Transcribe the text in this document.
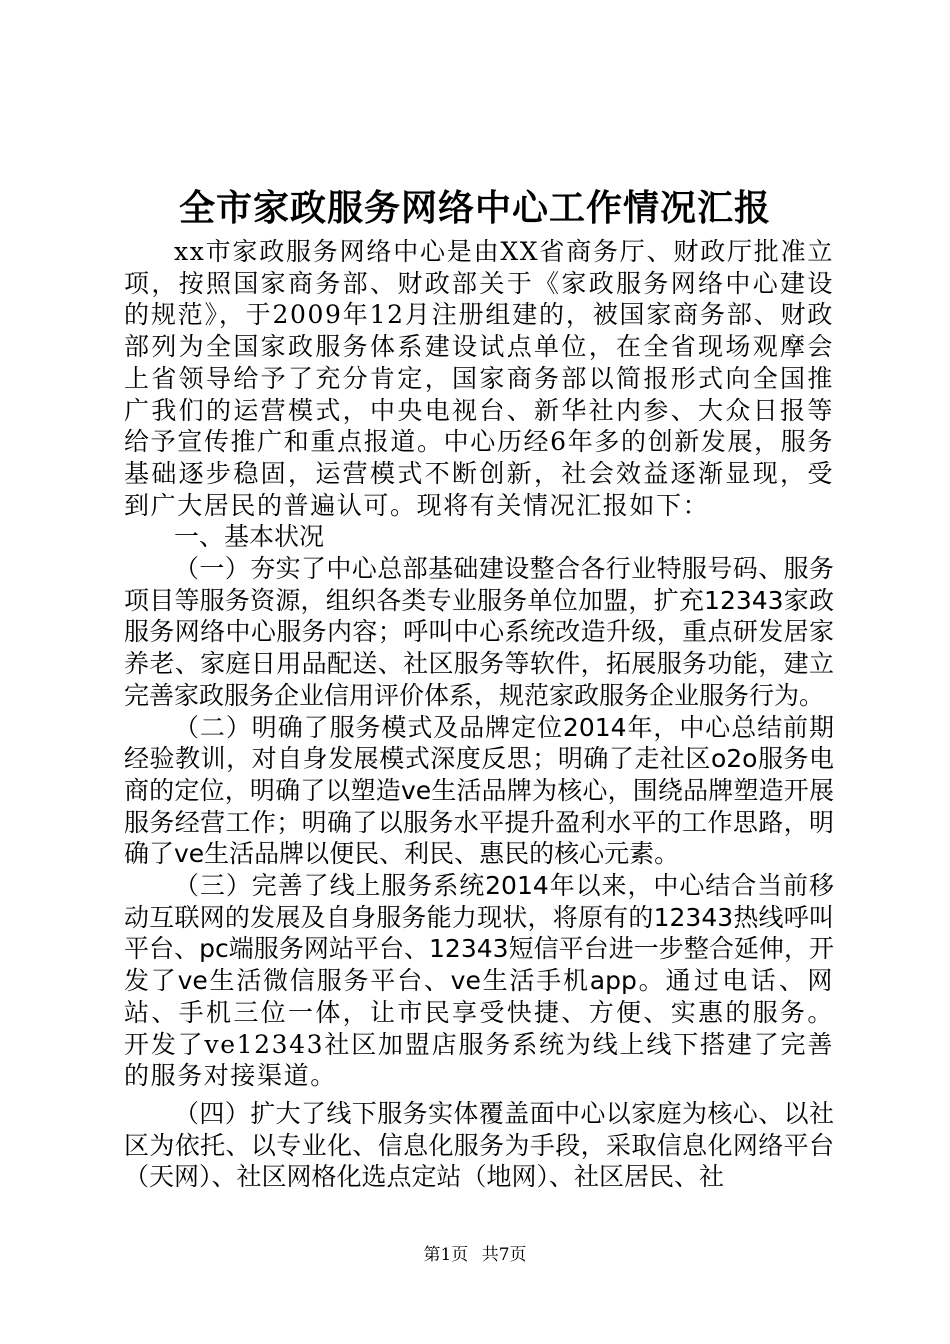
全市家政服务网络中心工作情况汇报

xx市家政服务网络中心是由XX省商务厅、财政厅批准立项，按照国家商务部、财政部关于《家政服务网络中心建设的规范》，于2009年12月注册组建的，被国家商务部、财政部列为全国家政服务体系建设试点单位，在全省现场观摩会上省领导给予了充分肯定，国家商务部以简报形式向全国推广我们的运营模式，中央电视台、新华社内参、大众日报等给予宣传推广和重点报道。中心历经6年多的创新发展，服务基础逐步稳固，运营模式不断创新，社会效益逐渐显现，受到广大居民的普遍认可。现将有关情况汇报如下：

一、基本状况

（一）夯实了中心总部基础建设整合各行业特服号码、服务项目等服务资源，组织各类专业服务单位加盟，扩充12343家政服务网络中心服务内容；呼叫中心系统改造升级，重点研发居家养老、家庭日用品配送、社区服务等软件，拓展服务功能，建立完善家政服务企业信用评价体系，规范家政服务企业服务行为。

（二）明确了服务模式及品牌定位2014年，中心总结前期经验教训，对自身发展模式深度反思；明确了走社区o2o服务电商的定位，明确了以塑造ve生活品牌为核心，围绕品牌塑造开展服务经营工作；明确了以服务水平提升盈利水平的工作思路，明确了ve生活品牌以便民、利民、惠民的核心元素。

（三）完善了线上服务系统2014年以来，中心结合当前移动互联网的发展及自身服务能力现状，将原有的12343热线呼叫平台、pc端服务网站平台、12343短信平台进一步整合延伸，开发了ve生活微信服务平台、ve生活手机app。通过电话、网站、手机三位一体，让市民享受快捷、方便、实惠的服务。开发了ve12343社区加盟店服务系统为线上线下搭建了完善的服务对接渠道。

（四）扩大了线下服务实体覆盖面中心以家庭为核心、以社区为依托、以专业化、信息化服务为手段，采取信息化网络平台（天网）、社区网格化选点定站（地网）、社区居民、社

第1页 共7页
